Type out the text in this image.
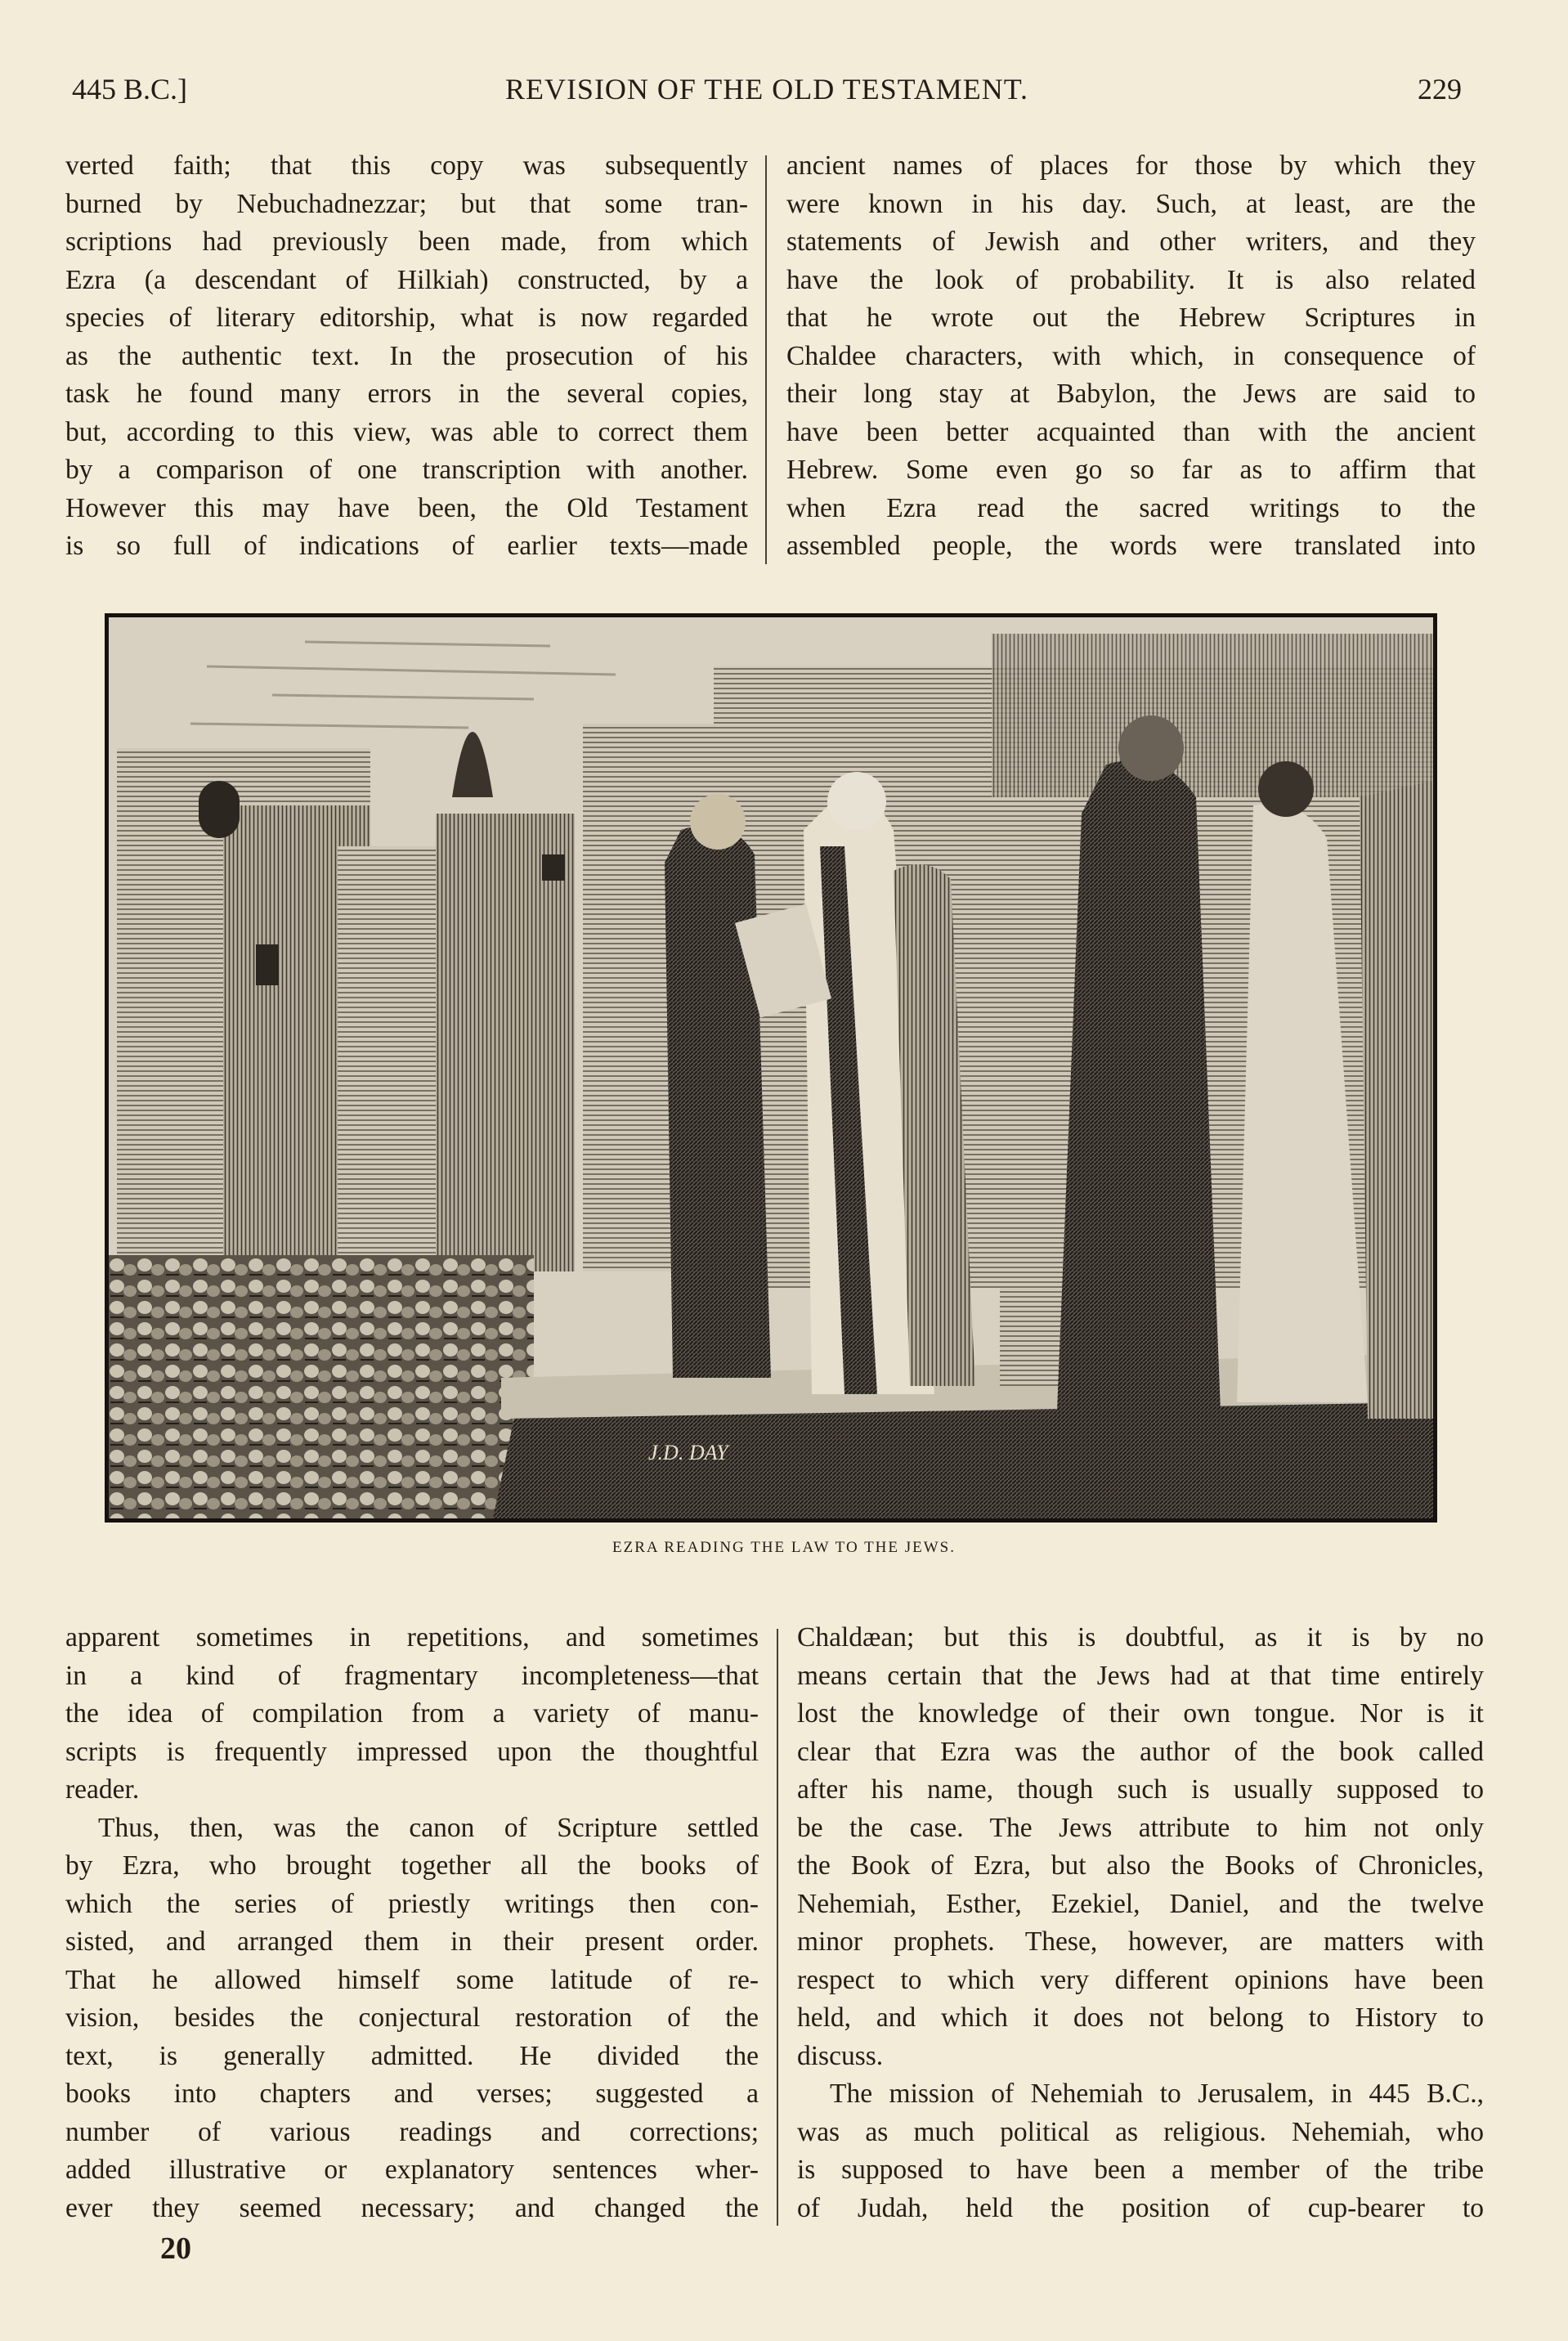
445 B.C.]	REVISION OF THE OLD TESTAMENT.	229
verted faith; that this copy was subsequently
burned by Nebuchadnezzar; but that some tran-
scriptions had previously been made, from which
Ezra (a descendant of Hilkiah) constructed, by a
species of literary editorship, what is now regarded
as the authentic text. In the prosecution of his
task he found many errors in the several copies,
but, according to this view, was able to correct them
by a comparison of one transcription with another.
However this may have been, the Old Testament
is so full of indications of earlier texts—made
ancient names of places for those by which they
were known in his day. Such, at least, are the
statements of Jewish and other writers, and they
have the look of probability. It is also related
that he wrote out the Hebrew Scriptures in
Chaldee characters, with which, in consequence of
their long stay at Babylon, the Jews are said to
have been better acquainted than with the ancient
Hebrew. Some even go so far as to affirm that
when Ezra read the sacred writings to the
assembled people, the words were translated into
J.D. DAY
EZRA READING THE LAW TO THE JEWS.
apparent sometimes in repetitions, and sometimes
in a kind of fragmentary incompleteness—that
the idea of compilation from a variety of manu-
scripts is frequently impressed upon the thoughtful
reader.
Thus, then, was the canon of Scripture settled
by Ezra, who brought together all the books of
which the series of priestly writings then con-
sisted, and arranged them in their present order.
That he allowed himself some latitude of re-
vision, besides the conjectural restoration of the
text, is generally admitted. He divided the
books into chapters and verses; suggested a
number of various readings and corrections;
added illustrative or explanatory sentences wher-
ever they seemed necessary; and changed the
Chaldæan; but this is doubtful, as it is by no
means certain that the Jews had at that time entirely
lost the knowledge of their own tongue. Nor is it
clear that Ezra was the author of the book called
after his name, though such is usually supposed to
be the case. The Jews attribute to him not only
the Book of Ezra, but also the Books of Chronicles,
Nehemiah, Esther, Ezekiel, Daniel, and the twelve
minor prophets. These, however, are matters with
respect to which very different opinions have been
held, and which it does not belong to History to
discuss.
The mission of Nehemiah to Jerusalem, in 445 B.C.,
was as much political as religious. Nehemiah, who
is supposed to have been a member of the tribe
of Judah, held the position of cup-bearer to
20
